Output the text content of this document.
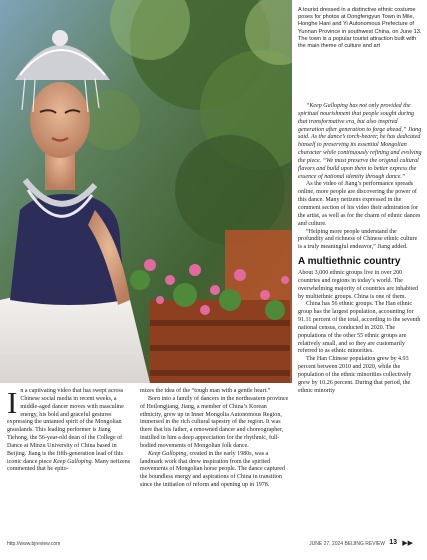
A tourist dressed in a distinctive ethnic costume poses for photos at Dongfengyun Town in Mile, Honghe Hani and Yi Autonomous Prefecture of Yunnan Province in southwest China, on June 13. The town is a popular tourist attraction built with the main theme of culture and art

“Keep Galloping has not only provided the spiritual nourishment that people sought during that transformative era, but also inspired generation after generation to forge ahead,” Jiang said. As the dance’s torch-bearer, he has dedicated himself to preserving its essential Mongolian character while continuously refining and evolving the piece. “We must preserve the original cultural flavors and build upon them to better express the essence of national identity through dance.”

As the video of Jiang’s performance spreads online, more people are discovering the power of this dance. Many netizens expressed in the comment section of his video their admiration for the artist, as well as for the charm of ethnic dances and culture.

“Helping more people understand the profundity and richness of Chinese ethnic culture is a truly meaningful endeavor,” Jiang added.

A multiethnic country

About 3,000 ethnic groups live in over 200 countries and regions in today’s world. The overwhelming majority of countries are inhabited by multiethnic groups. China is one of them.

China has 56 ethnic groups. The Han ethnic group has the largest population, accounting for 91.11 percent of the total, according to the seventh national census, conducted in 2020. The populations of the other 55 ethnic groups are relatively small, and so they are customarily referred to as ethnic minorities.

The Han Chinese population grew by 4.93 percent between 2010 and 2020, while the population of the ethnic minorities collectively grew by 10.26 percent. During that period, the ethnic minority

In a captivating video that has swept across Chinese social media in recent weeks, a middle-aged dancer moves with masculine energy, his bold and graceful gestures expressing the untamed spirit of the Mongolian grasslands. This leading performer is Jiang Tiehong, the 56-year-old dean of the College of Dance at Minzu University of China based in Beijing. Jiang is the fifth-generation lead of this iconic dance piece Keep Galloping. Many netizens commented that he epito-

mizes the idea of the “tough man with a gentle heart.”

Born into a family of dancers in the northeastern province of Heilongjiang, Jiang, a member of China’s Korean ethnicity, grew up in Inner Mongolia Autonomous Region, immersed in the rich cultural tapestry of the region. It was there that his father, a renowned dancer and choreographer, instilled in him a deep appreciation for the rhythmic, full-bodied movements of Mongolian folk dance.

Keep Galloping, created in the early 1980s, was a landmark work that drew inspiration from the spirited movements of Mongolian horse people. The dance captured the boundless energy and aspirations of China in transition since the initiation of reform and opening up in 1978.

http://www.bjreview.com	JUNE 27, 2024 BEIJING REVIEW 13 ▶▶
